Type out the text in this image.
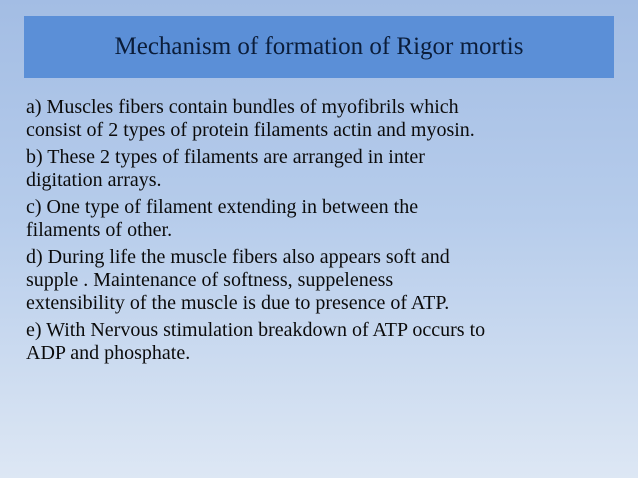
Mechanism of formation of Rigor mortis

a) Muscles fibers contain bundles of myofibrils which
consist of 2 types of protein filaments actin and myosin.

b) These 2 types of filaments are arranged in inter
digitation arrays.

c) One type of filament extending in between the
filaments of other.

d) During life the muscle fibers also appears soft and
supple . Maintenance of softness, suppeleness
extensibility of the muscle is due to presence of ATP.

e) With Nervous stimulation breakdown of ATP occurs to
ADP and phosphate.
